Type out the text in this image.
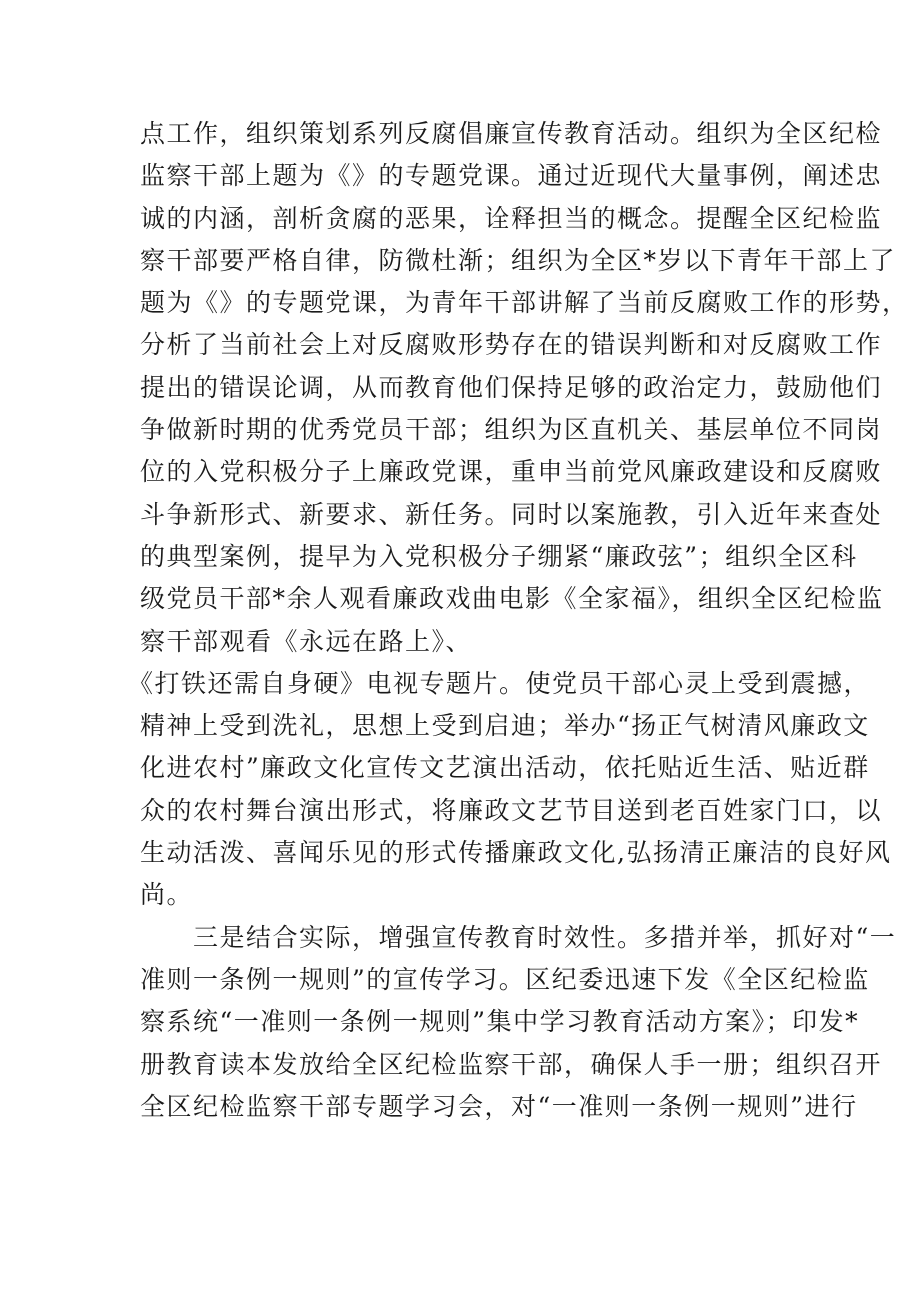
点工作，组织策划系列反腐倡廉宣传教育活动。组织为全区纪检
监察干部上题为《》的专题党课。通过近现代大量事例，阐述忠
诚的内涵，剖析贪腐的恶果，诠释担当的概念。提醒全区纪检监
察干部要严格自律，防微杜渐；组织为全区*岁以下青年干部上了
题为《》的专题党课，为青年干部讲解了当前反腐败工作的形势，
分析了当前社会上对反腐败形势存在的错误判断和对反腐败工作
提出的错误论调，从而教育他们保持足够的政治定力，鼓励他们
争做新时期的优秀党员干部；组织为区直机关、基层单位不同岗
位的入党积极分子上廉政党课，重申当前党风廉政建设和反腐败
斗争新形式、新要求、新任务。同时以案施教，引入近年来查处
的典型案例，提早为入党积极分子绷紧“廉政弦”；组织全区科
级党员干部*余人观看廉政戏曲电影《全家福》，组织全区纪检监
察干部观看《永远在路上》、
《打铁还需自身硬》电视专题片。使党员干部心灵上受到震撼，
精神上受到洗礼，思想上受到启迪；举办“扬正气树清风廉政文
化进农村”廉政文化宣传文艺演出活动，依托贴近生活、贴近群
众的农村舞台演出形式，将廉政文艺节目送到老百姓家门口，以
生动活泼、喜闻乐见的形式传播廉政文化,弘扬清正廉洁的良好风
尚。
　　三是结合实际，增强宣传教育时效性。多措并举，抓好对“一
准则一条例一规则”的宣传学习。区纪委迅速下发《全区纪检监
察系统“一准则一条例一规则”集中学习教育活动方案》；印发*
册教育读本发放给全区纪检监察干部，确保人手一册；组织召开
全区纪检监察干部专题学习会，对“一准则一条例一规则”进行
